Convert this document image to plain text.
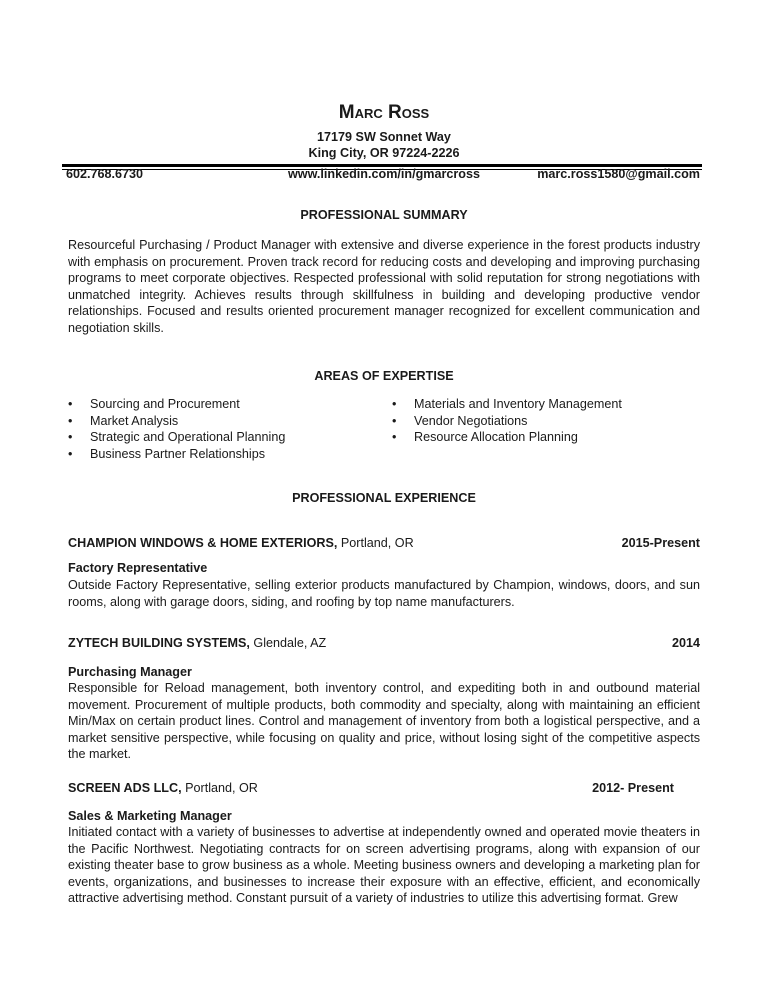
Marc Ross
17179 SW Sonnet Way
King City, OR 97224-2226
602.768.6730	www.linkedin.com/in/gmarcross	marc.ross1580@gmail.com
PROFESSIONAL SUMMARY
Resourceful Purchasing / Product Manager with extensive and diverse experience in the forest products industry
with emphasis on procurement. Proven track record for reducing costs and developing and improving purchasing
programs to meet corporate objectives. Respected professional with solid reputation for strong negotiations with
unmatched integrity. Achieves results through skillfulness in building and developing productive vendor
relationships. Focused and results oriented procurement manager recognized for excellent communication and
negotiation skills.
AREAS OF EXPERTISE
• Sourcing and Procurement
• Market Analysis
• Strategic and Operational Planning
• Business Partner Relationships
• Materials and Inventory Management
• Vendor Negotiations
• Resource Allocation Planning
PROFESSIONAL EXPERIENCE
CHAMPION WINDOWS & HOME EXTERIORS, Portland, OR	2015-Present
Factory Representative
Outside Factory Representative, selling exterior products manufactured by Champion, windows, doors, and sun
rooms, along with garage doors, siding, and roofing by top name manufacturers.
ZYTECH BUILDING SYSTEMS, Glendale, AZ	2014
Purchasing Manager
Responsible for Reload management, both inventory control, and expediting both in and outbound material
movement. Procurement of multiple products, both commodity and specialty, along with maintaining an efficient
Min/Max on certain product lines. Control and management of inventory from both a logistical perspective, and a
market sensitive perspective, while focusing on quality and price, without losing sight of the competitive aspects
the market.
SCREEN ADS LLC, Portland, OR	2012- Present
Sales & Marketing Manager
Initiated contact with a variety of businesses to advertise at independently owned and operated movie theaters in
the Pacific Northwest. Negotiating contracts for on screen advertising programs, along with expansion of our
existing theater base to grow business as a whole. Meeting business owners and developing a marketing plan for
events, organizations, and businesses to increase their exposure with an effective, efficient, and economically
attractive advertising method. Constant pursuit of a variety of industries to utilize this advertising format. Grew
